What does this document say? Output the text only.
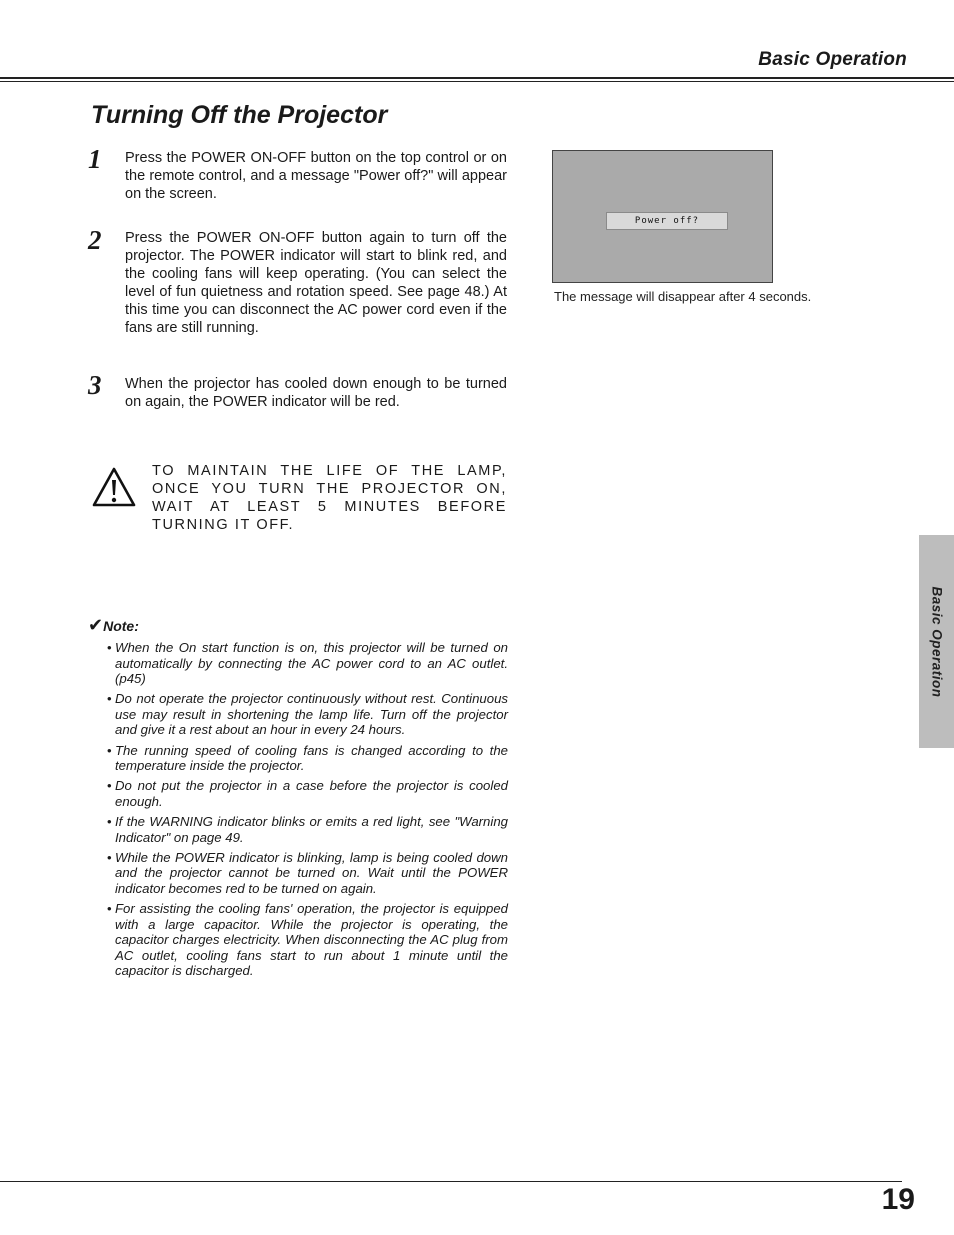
Basic Operation
Turning Off the Projector
1 Press the POWER ON-OFF button on the top control or on the remote control, and a message "Power off?" will appear on the screen.

2 Press the POWER ON-OFF button again to turn off the projector. The POWER indicator will start to blink red, and the cooling fans will keep operating. (You can select the level of fun quietness and rotation speed. See page 48.) At this time you can disconnect the AC power cord even if the fans are still running.

3 When the projector has cooled down enough to be turned on again, the POWER indicator will be red.

TO MAINTAIN THE LIFE OF THE LAMP, ONCE YOU TURN THE PROJECTOR ON, WAIT AT LEAST 5 MINUTES BEFORE TURNING IT OFF.

Power off?
The message will disappear after 4 seconds.
✔Note:
• When the On start function is on, this projector will be turned on automatically by connecting the AC power cord to an AC outlet. (p45)
• Do not operate the projector continuously without rest. Continuous use may result in shortening the lamp life. Turn off the projector and give it a rest about an hour in every 24 hours.
• The running speed of cooling fans is changed according to the temperature inside the projector.
• Do not put the projector in a case before the projector is cooled enough.
• If the WARNING indicator blinks or emits a red light, see "Warning Indicator" on page 49.
• While the POWER indicator is blinking, lamp is being cooled down and the projector cannot be turned on. Wait until the POWER indicator becomes red to be turned on again.
• For assisting the cooling fans' operation, the projector is equipped with a large capacitor. While the projector is operating, the capacitor charges electricity. When disconnecting the AC plug from AC outlet, cooling fans start to run about 1 minute until the capacitor is discharged.
Basic Operation
19
